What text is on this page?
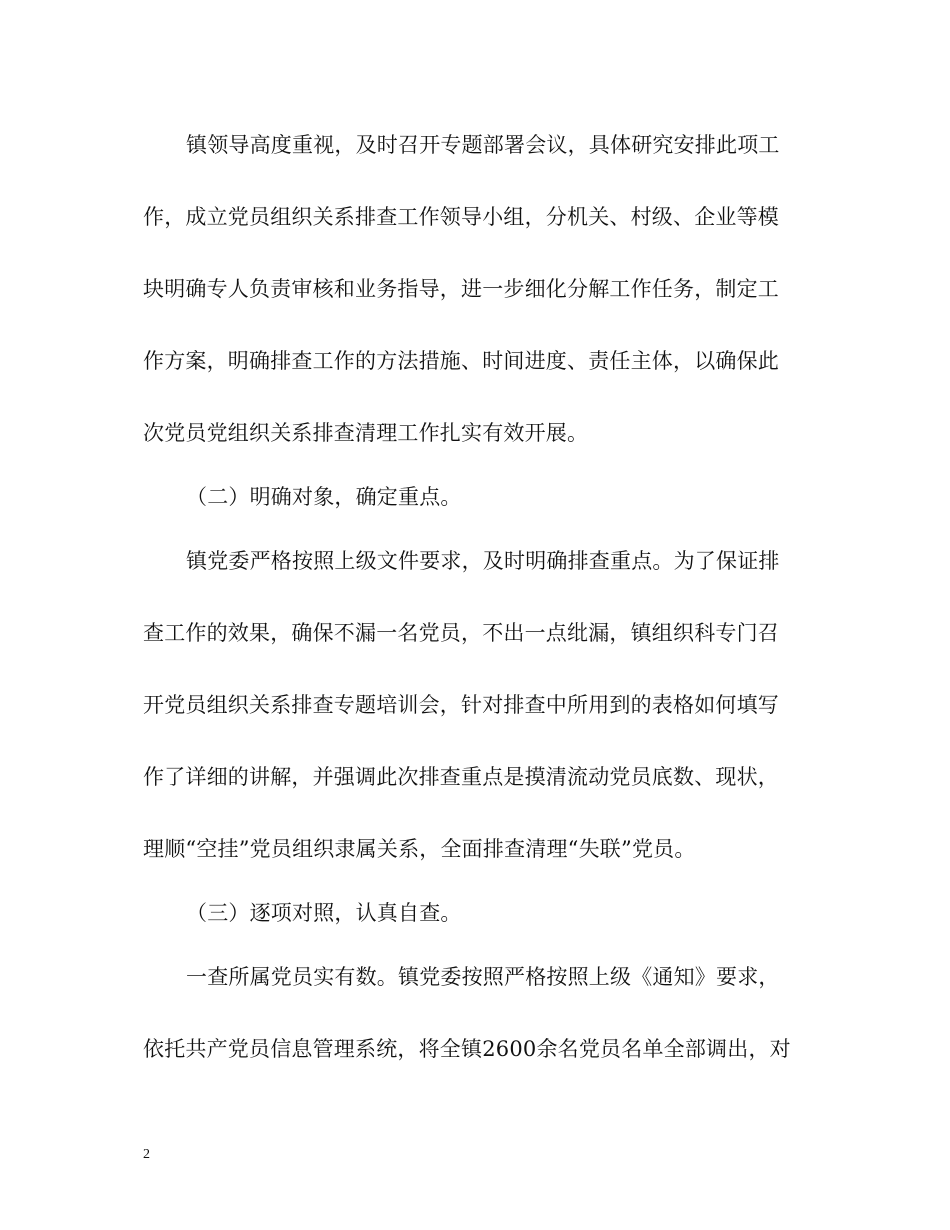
镇领导高度重视，及时召开专题部署会议，具体研究安排此项工
作，成立党员组织关系排查工作领导小组，分机关、村级、企业等模
块明确专人负责审核和业务指导，进一步细化分解工作任务，制定工
作方案，明确排查工作的方法措施、时间进度、责任主体，以确保此
次党员党组织关系排查清理工作扎实有效开展。
（二）明确对象，确定重点。
镇党委严格按照上级文件要求，及时明确排查重点。为了保证排
查工作的效果，确保不漏一名党员，不出一点纰漏，镇组织科专门召
开党员组织关系排查专题培训会，针对排查中所用到的表格如何填写
作了详细的讲解，并强调此次排查重点是摸清流动党员底数、现状，
理顺“空挂”党员组织隶属关系，全面排查清理“失联”党员。
（三）逐项对照，认真自查。
一查所属党员实有数。镇党委按照严格按照上级《通知》要求，
依托共产党员信息管理系统，将全镇2600余名党员名单全部调出，对
2
